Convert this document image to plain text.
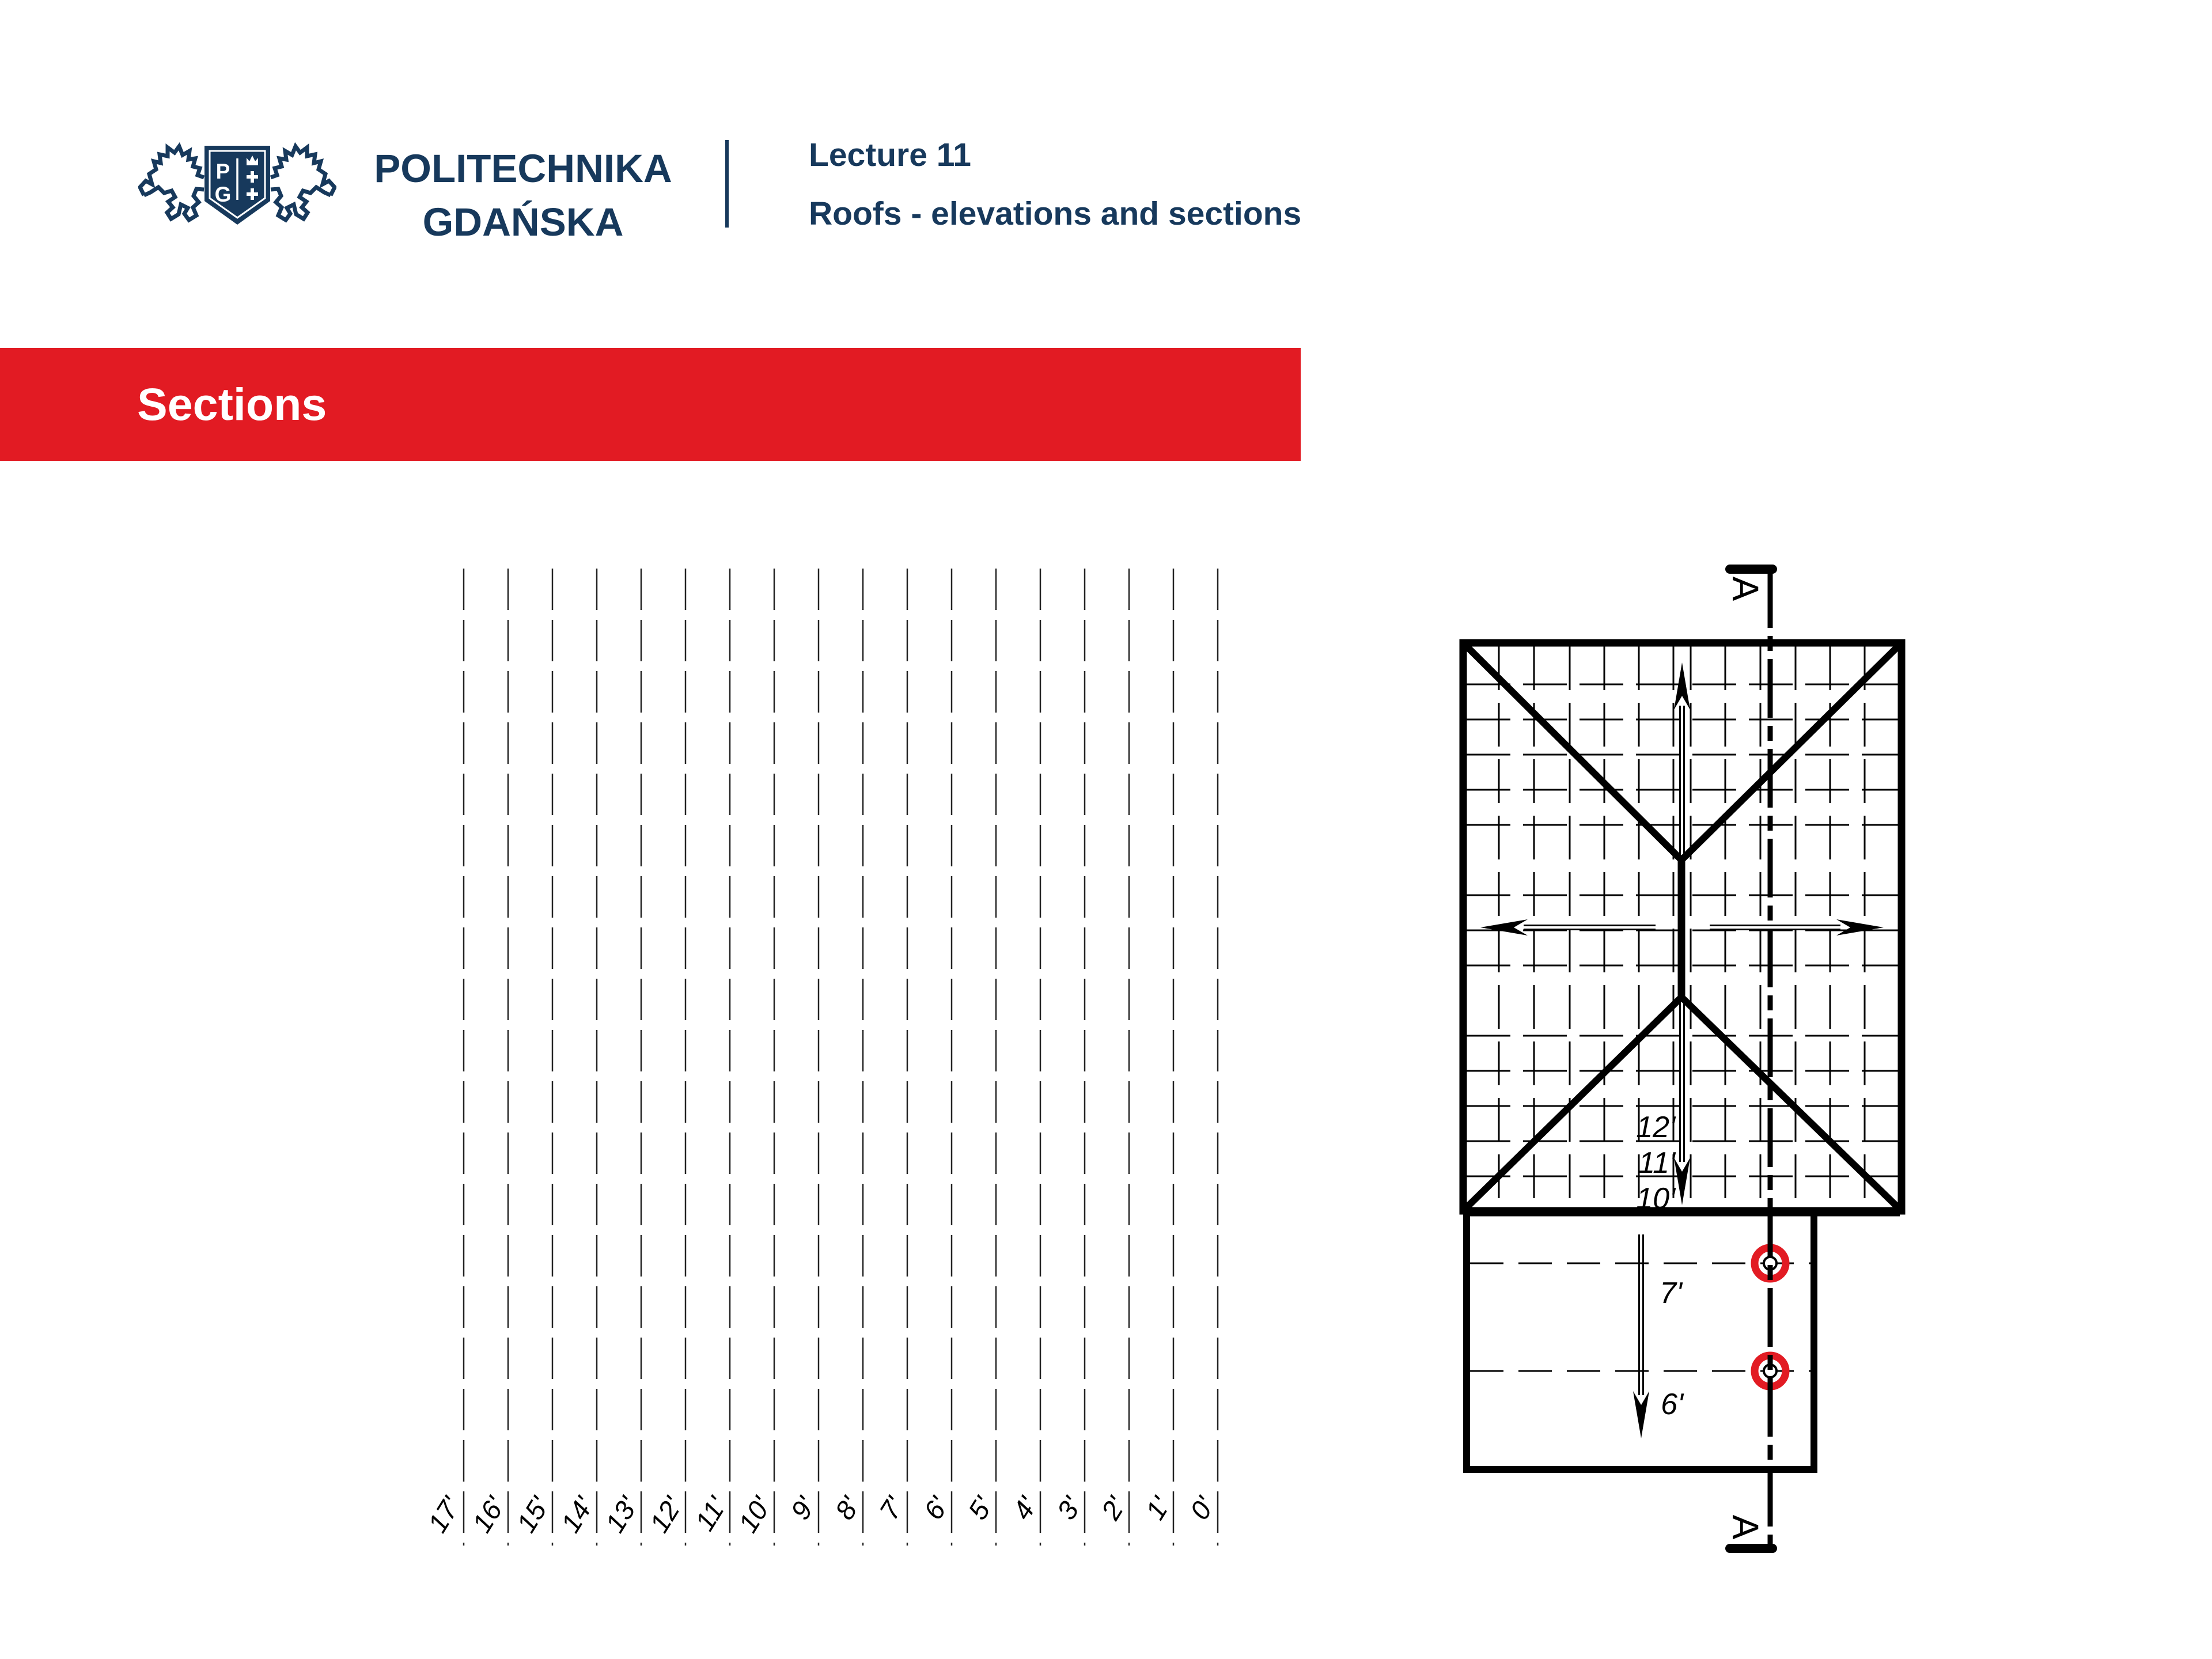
P
G
POLITECHNIKA
GDAŃSKA
Lecture 11
Roofs - elevations and sections
Sections
17' 16' 15' 14' 13' 12' 11' 10' 9' 8' 7' 6' 5' 4' 3' 2' 1' 0'
12'
11'
10'
7'
6'
A
A
